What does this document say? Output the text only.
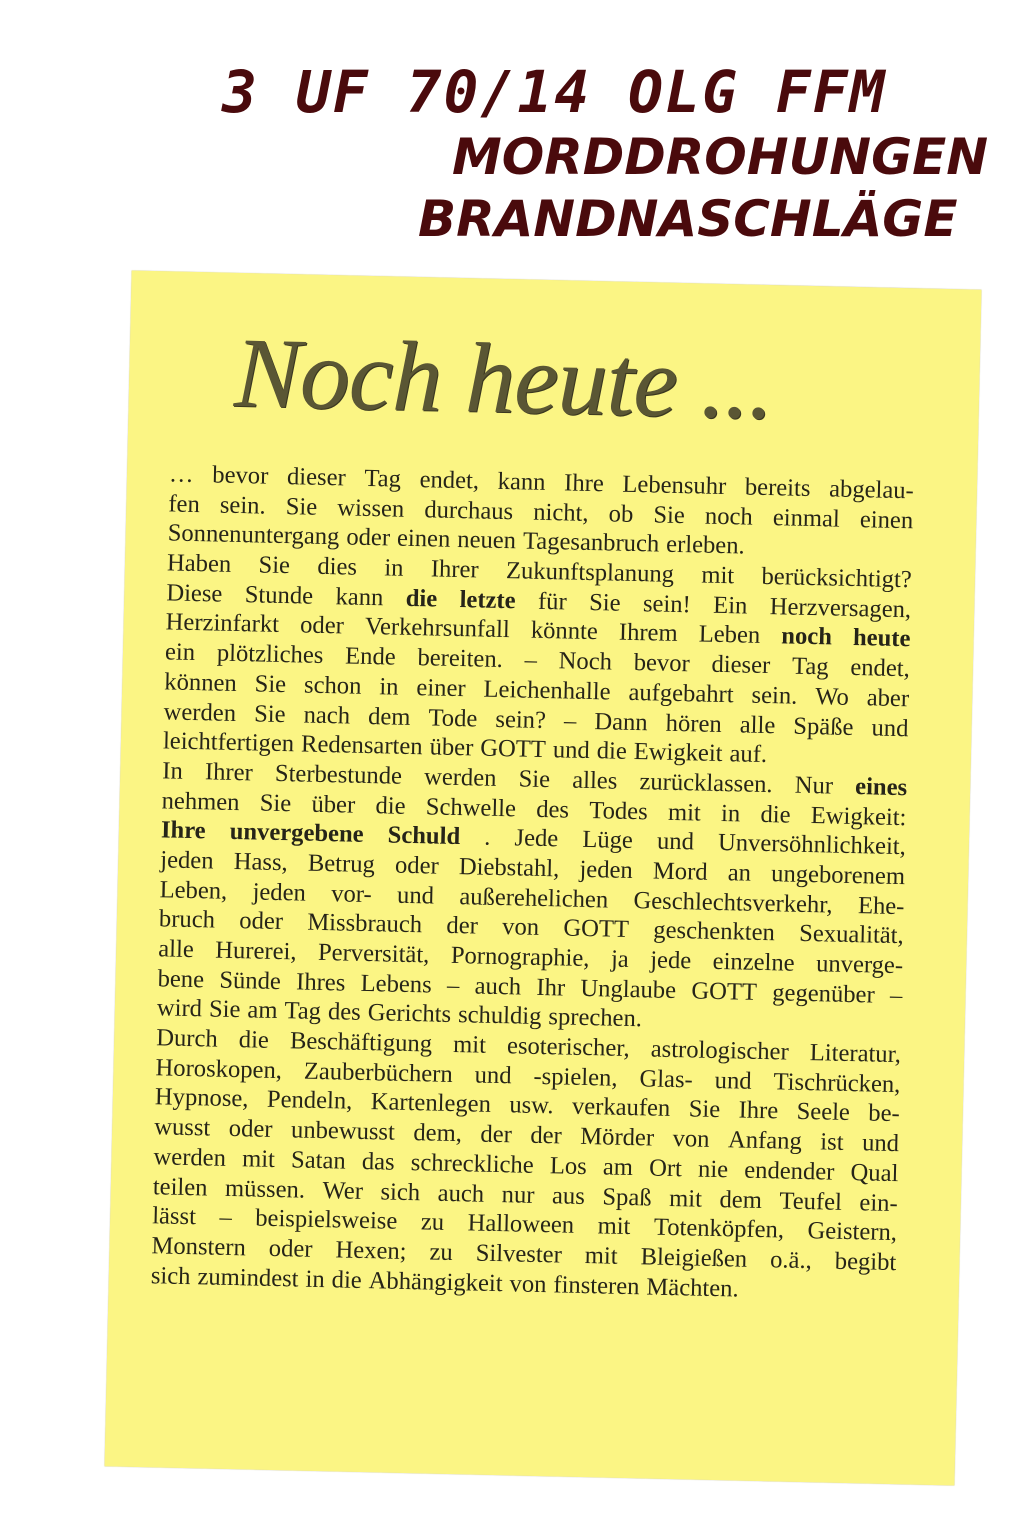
3 UF 70/14 OLG FFM
MORDDROHUNGEN
BRANDNASCHLÄGE
Noch heute ...
… bevor dieser Tag endet, kann Ihre Lebensuhr bereits abgelau-
fen sein. Sie wissen durchaus nicht, ob Sie noch einmal einen
Sonnenuntergang oder einen neuen Tagesanbruch erleben.
Haben Sie dies in Ihrer Zukunftsplanung mit berücksichtigt?
Diese Stunde kann die letzte für Sie sein! Ein Herzversagen,
Herzinfarkt oder Verkehrsunfall könnte Ihrem Leben noch heute
ein plötzliches Ende bereiten. – Noch bevor dieser Tag endet,
können Sie schon in einer Leichenhalle aufgebahrt sein. Wo aber
werden Sie nach dem Tode sein? – Dann hören alle Späße und
leichtfertigen Redensarten über GOTT und die Ewigkeit auf.
In Ihrer Sterbestunde werden Sie alles zurücklassen. Nur eines
nehmen Sie über die Schwelle des Todes mit in die Ewigkeit:
Ihre unvergebene Schuld . Jede Lüge und Unversöhnlichkeit,
jeden Hass, Betrug oder Diebstahl, jeden Mord an ungeborenem
Leben, jeden vor- und außerehelichen Geschlechtsverkehr, Ehe-
bruch oder Missbrauch der von GOTT geschenkten Sexualität,
alle Hurerei, Perversität, Pornographie, ja jede einzelne unverge-
bene Sünde Ihres Lebens – auch Ihr Unglaube GOTT gegenüber –
wird Sie am Tag des Gerichts schuldig sprechen.
Durch die Beschäftigung mit esoterischer, astrologischer Literatur,
Horoskopen, Zauberbüchern und -spielen, Glas- und Tischrücken,
Hypnose, Pendeln, Kartenlegen usw. verkaufen Sie Ihre Seele be-
wusst oder unbewusst dem, der der Mörder von Anfang ist und
werden mit Satan das schreckliche Los am Ort nie endender Qual
teilen müssen. Wer sich auch nur aus Spaß mit dem Teufel ein-
lässt – beispielsweise zu Halloween mit Totenköpfen, Geistern,
Monstern oder Hexen; zu Silvester mit Bleigießen o.ä., begibt
sich zumindest in die Abhängigkeit von finsteren Mächten.
